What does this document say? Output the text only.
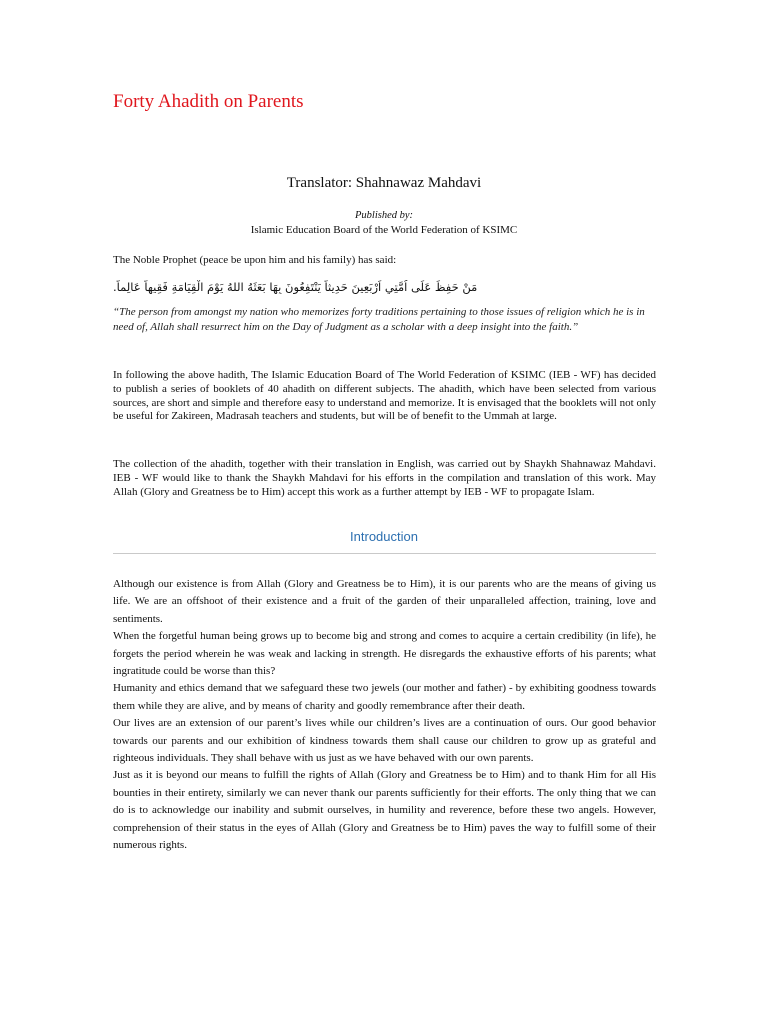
Forty Ahadith on Parents
Translator: Shahnawaz Mahdavi
Published by:
Islamic Education Board of the World Federation of KSIMC
The Noble Prophet (peace be upon him and his family) has said:
مَنْ حَفِظَ عَلَى اُمَّتِي اَرْبَعِينَ حَدِيثاً يَنْتَفِعُونَ بِهَا بَعَثَهُ اللهُ يَوْمَ الْقِيَامَةِ فَقِيهاً عَالِماً.

“The person from amongst my nation who memorizes forty traditions pertaining to those issues of religion which he is in need of, Allah shall resurrect him on the Day of Judgment as a scholar with a deep insight into the faith.”

In following the above hadith, The Islamic Education Board of The World Federation of KSIMC (IEB - WF) has decided to publish a series of booklets of 40 ahadith on different subjects. The ahadith, which have been selected from various sources, are short and simple and therefore easy to understand and memorize. It is envisaged that the booklets will not only be useful for Zakireen, Madrasah teachers and students, but will be of benefit to the Ummah at large.

The collection of the ahadith, together with their translation in English, was carried out by Shaykh Shahnawaz Mahdavi. IEB - WF would like to thank the Shaykh Mahdavi for his efforts in the compilation and translation of this work. May Allah (Glory and Greatness be to Him) accept this work as a further attempt by IEB - WF to propagate Islam.

Introduction

Although our existence is from Allah (Glory and Greatness be to Him), it is our parents who are the means of giving us life. We are an offshoot of their existence and a fruit of the garden of their unparalleled affection, training, love and sentiments.

When the forgetful human being grows up to become big and strong and comes to acquire a certain credibility (in life), he forgets the period wherein he was weak and lacking in strength. He disregards the exhaustive efforts of his parents; what ingratitude could be worse than this?

Humanity and ethics demand that we safeguard these two jewels (our mother and father) - by exhibiting goodness towards them while they are alive, and by means of charity and goodly remembrance after their death.

Our lives are an extension of our parent’s lives while our children’s lives are a continuation of ours. Our good behavior towards our parents and our exhibition of kindness towards them shall cause our children to grow up as grateful and righteous individuals. They shall behave with us just as we have behaved with our own parents.

Just as it is beyond our means to fulfill the rights of Allah (Glory and Greatness be to Him) and to thank Him for all His bounties in their entirety, similarly we can never thank our parents sufficiently for their efforts. The only thing that we can do is to acknowledge our inability and submit ourselves, in humility and reverence, before these two angels. However, comprehension of their status in the eyes of Allah (Glory and Greatness be to Him) paves the way to fulfill some of their numerous rights.
